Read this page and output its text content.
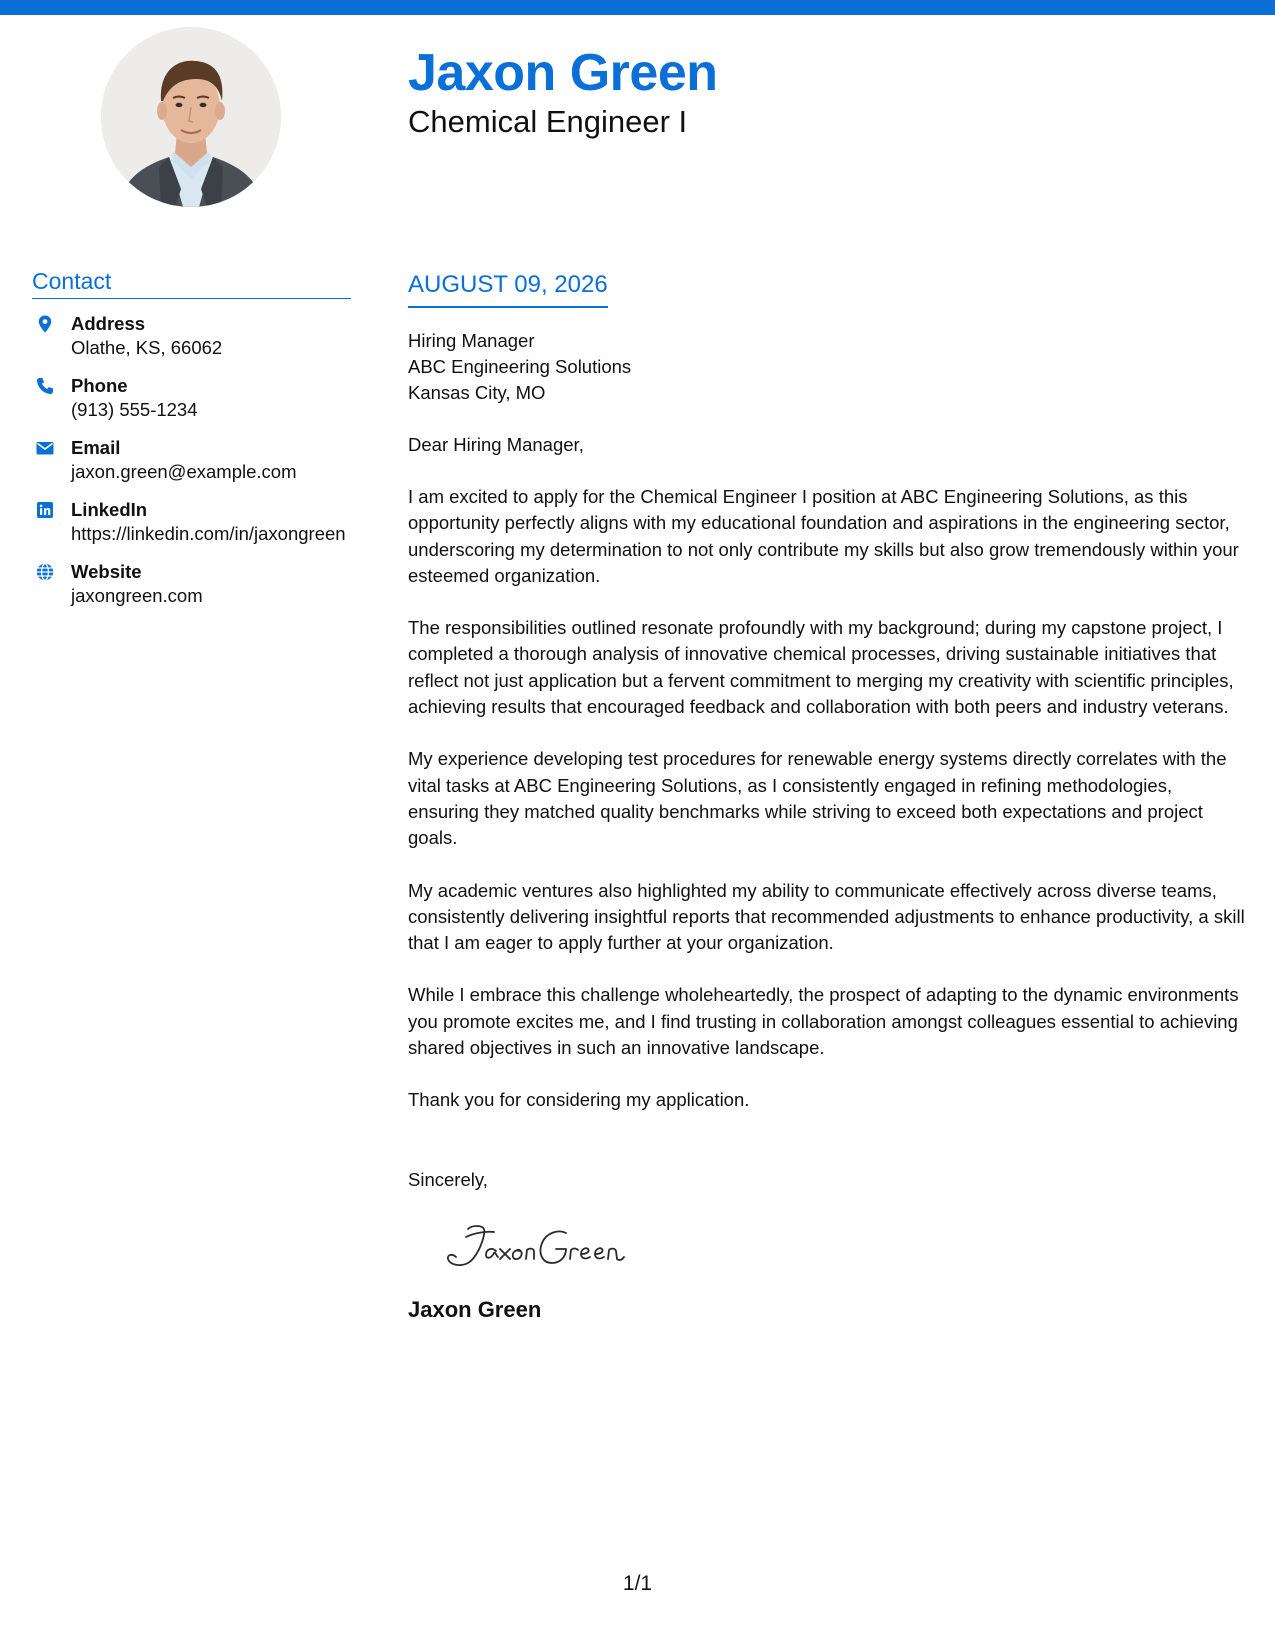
Jaxon Green
Chemical Engineer I
Contact
Address
Olathe, KS, 66062
Phone
(913) 555-1234
Email
jaxon.green@example.com
LinkedIn
https://linkedin.com/in/jaxongreen
Website
jaxongreen.com
AUGUST 09, 2026
Hiring Manager
ABC Engineering Solutions
Kansas City, MO
Dear Hiring Manager,
I am excited to apply for the Chemical Engineer I position at ABC Engineering Solutions, as this opportunity perfectly aligns with my educational foundation and aspirations in the engineering sector, underscoring my determination to not only contribute my skills but also grow tremendously within your esteemed organization.
The responsibilities outlined resonate profoundly with my background; during my capstone project, I completed a thorough analysis of innovative chemical processes, driving sustainable initiatives that reflect not just application but a fervent commitment to merging my creativity with scientific principles, achieving results that encouraged feedback and collaboration with both peers and industry veterans.
My experience developing test procedures for renewable energy systems directly correlates with the vital tasks at ABC Engineering Solutions, as I consistently engaged in refining methodologies, ensuring they matched quality benchmarks while striving to exceed both expectations and project goals.
My academic ventures also highlighted my ability to communicate effectively across diverse teams, consistently delivering insightful reports that recommended adjustments to enhance productivity, a skill that I am eager to apply further at your organization.
While I embrace this challenge wholeheartedly, the prospect of adapting to the dynamic environments you promote excites me, and I find trusting in collaboration amongst colleagues essential to achieving shared objectives in such an innovative landscape.
Thank you for considering my application.
Sincerely,
Jaxon Green
1/1
